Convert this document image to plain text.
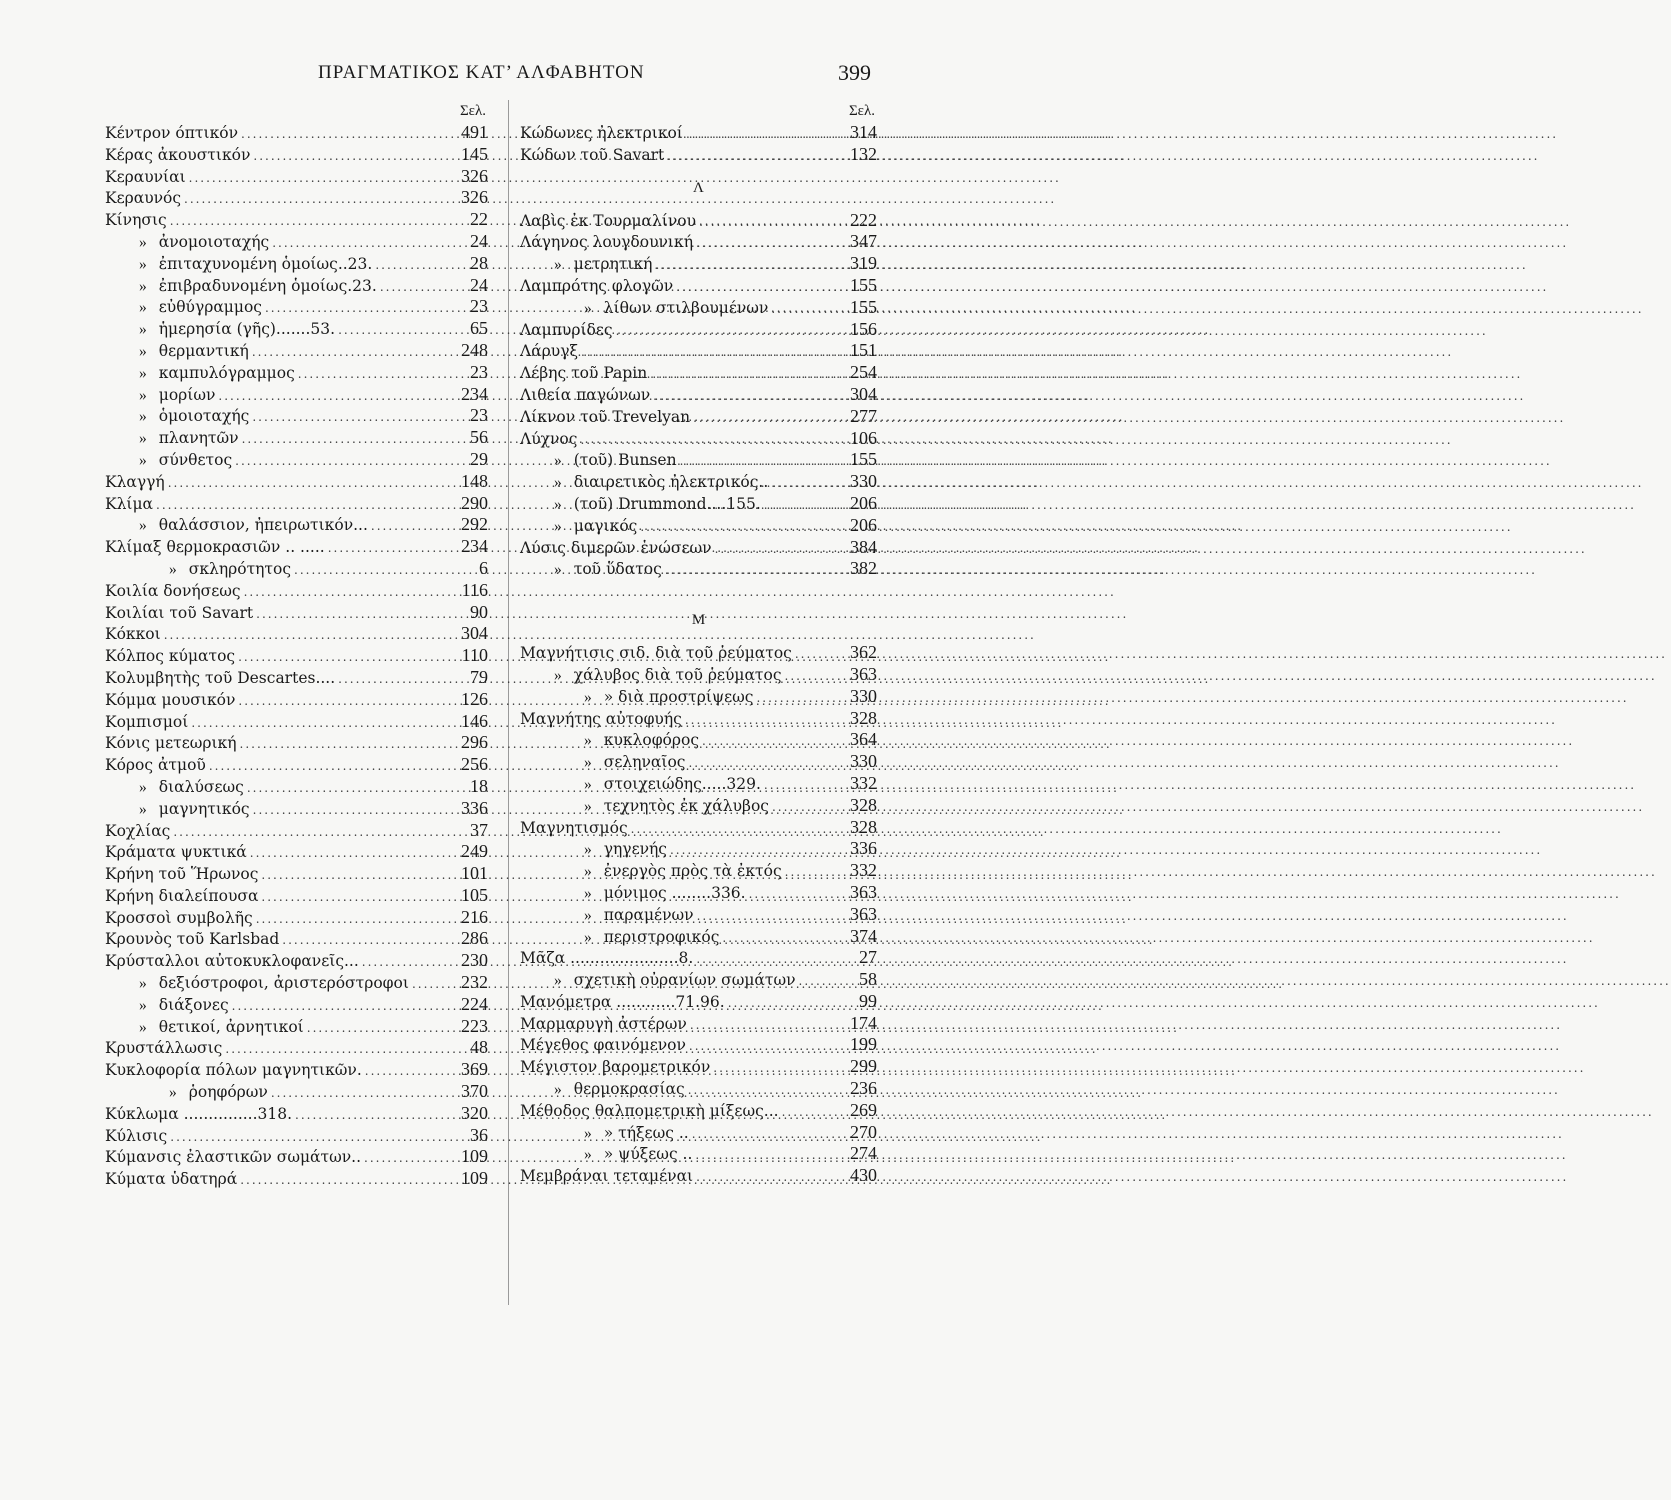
ΠΡΑΓΜΑΤΙΚΟΣ ΚΑΤ’ ΑΛΦΑΒΗΤΟΝ	399
Σελ.
Κέντρον όπτικόν .....	491
Κέρας ἀκουστικόν .....	145
Κεραυνίαι .....	326
Κεραυνός .....	326
Κίνησις .....	22
» ἀνομοιοταχής .....	24
» ἐπιταχυνομένη ὁμοίως..23. .....	28
» ἐπιβραδυνομένη ὁμοίως.23. .....	24
» εὐθύγραμμος .....	23
» ἡμερησία (γῆς).......53. .....	65
» θερμαντική .....	248
» καμπυλόγραμμος .....	23
» μορίων .....	234
» ὁμοιοταχής .....	23
» πλανητῶν .....	56
» σύνθετος .....	29
Κλαγγή .....	148
Κλίμα .....	290
» θαλάσσιον, ἠπειρωτικόν... .....	292
Κλίμαξ θερμοκρασιῶν .. ..... .....	234
» σκληρότητος .....	6
Κοιλία δονήσεως .....	116
Κοιλίαι τοῦ Savart .....	90
Κόκκοι .....	304
Κόλπος κύματος .....	110
Κολυμβητὴς τοῦ Descartes.... .....	79
Κόμμα μουσικόν .....	126
Κομπισμοί .....	146
Κόνις μετεωρική .....	296
Κόρος ἀτμοῦ .....	256
» διαλύσεως .....	18
» μαγνητικός .....	336
Κοχλίας .....	37
Κράματα ψυκτικά .....	249
Κρήνη τοῦ Ἥρωνος .....	101
Κρήνη διαλείπουσα .....	105
Κροσσοὶ συμβολῆς .....	216
Κρουνὸς τοῦ Karlsbad .....	286
Κρύσταλλοι αὐτοκυκλοφανεῖς... .....	230
» δεξιόστροφοι, ἀριστερόστροφοι .....	232
» διάξονες .....	224
» θετικοί, ἀρνητικοί .....	223
Κρυστάλλωσις .....	48
Κυκλοφορία πόλων μαγνητικῶν. .....	369
» ῥοηφόρων .....	370
Κύκλωμα ...............318. .....	320
Κύλισις .....	36
Κύμανσις ἐλαστικῶν σωμάτων.. .....	109
Κύματα ὑδατηρά .....	109
Σελ.
Κώδωνες ἠλεκτρικοί .....	314
Κώδων τοῦ Savart .....	132
Λ
Λαβὶς ἐκ Τουρμαλίνου .....	222
Λάγηνος λουγδουνική .....	347
» μετρητική .....	319
Λαμπρότης φλογῶν .....	155
» λίθων στιλβουμένων .....	155
Λαμπυρίδες .....	156
Λάρυγξ .....	151
Λέβης τοῦ Papin .....	254
Λιθεία παγώνων .....	304
Λίκνον τοῦ Trevelyan .....	277
Λύχνος .....	106
» (τοῦ) Bunsen .....	155
» διαιρετικὸς ἠλεκτρικός.. .....	330
» (τοῦ) Drummond....155. .....	206
» μαγικός .....	206
Λύσις διμερῶν ἑνώσεων .....	384
» τοῦ ὕδατος .....	382
Μ
Μαγνήτισις σιδ. διὰ τοῦ ῥεύματος .....	362
» χάλυβος διὰ τοῦ ῥεύματος .....	363
» » διὰ προστρίψεως .....	330
Μαγνήτης αὐτοφυής .....	328
» κυκλοφόρος .....	364
» σεληναῖος .....	330
» στοιχειώδης.....329. .....	332
» τεχνητὸς ἐκ χάλυβος .....	328
Μαγνητισμός .....	328
» γηγενής .....	336
» ἐνεργὸς πρὸς τὰ ἐκτός .....	332
» μόνιμος ........336. .....	363
» παραμένων .....	363
» περιστροφικός .....	374
Μᾶζα ......................8. .....	27
» σχετικὴ οὐρανίων σωμάτων .....	58
Μανόμετρα ............71.96. .....	99
Μαρμαρυγὴ ἀστέρων .....	174
Μέγεθος φαινόμενον .....	199
Μέγιστον βαρομετρικόν .....	299
» θερμοκρασίας .....	236
Μέθοδος θαλπομετρικὴ μίξεως... .....	269
» » τήξεως .. .....	270
» » ψύξεως .. .....	274
Μεμβράναι τεταμέναι .....	430
